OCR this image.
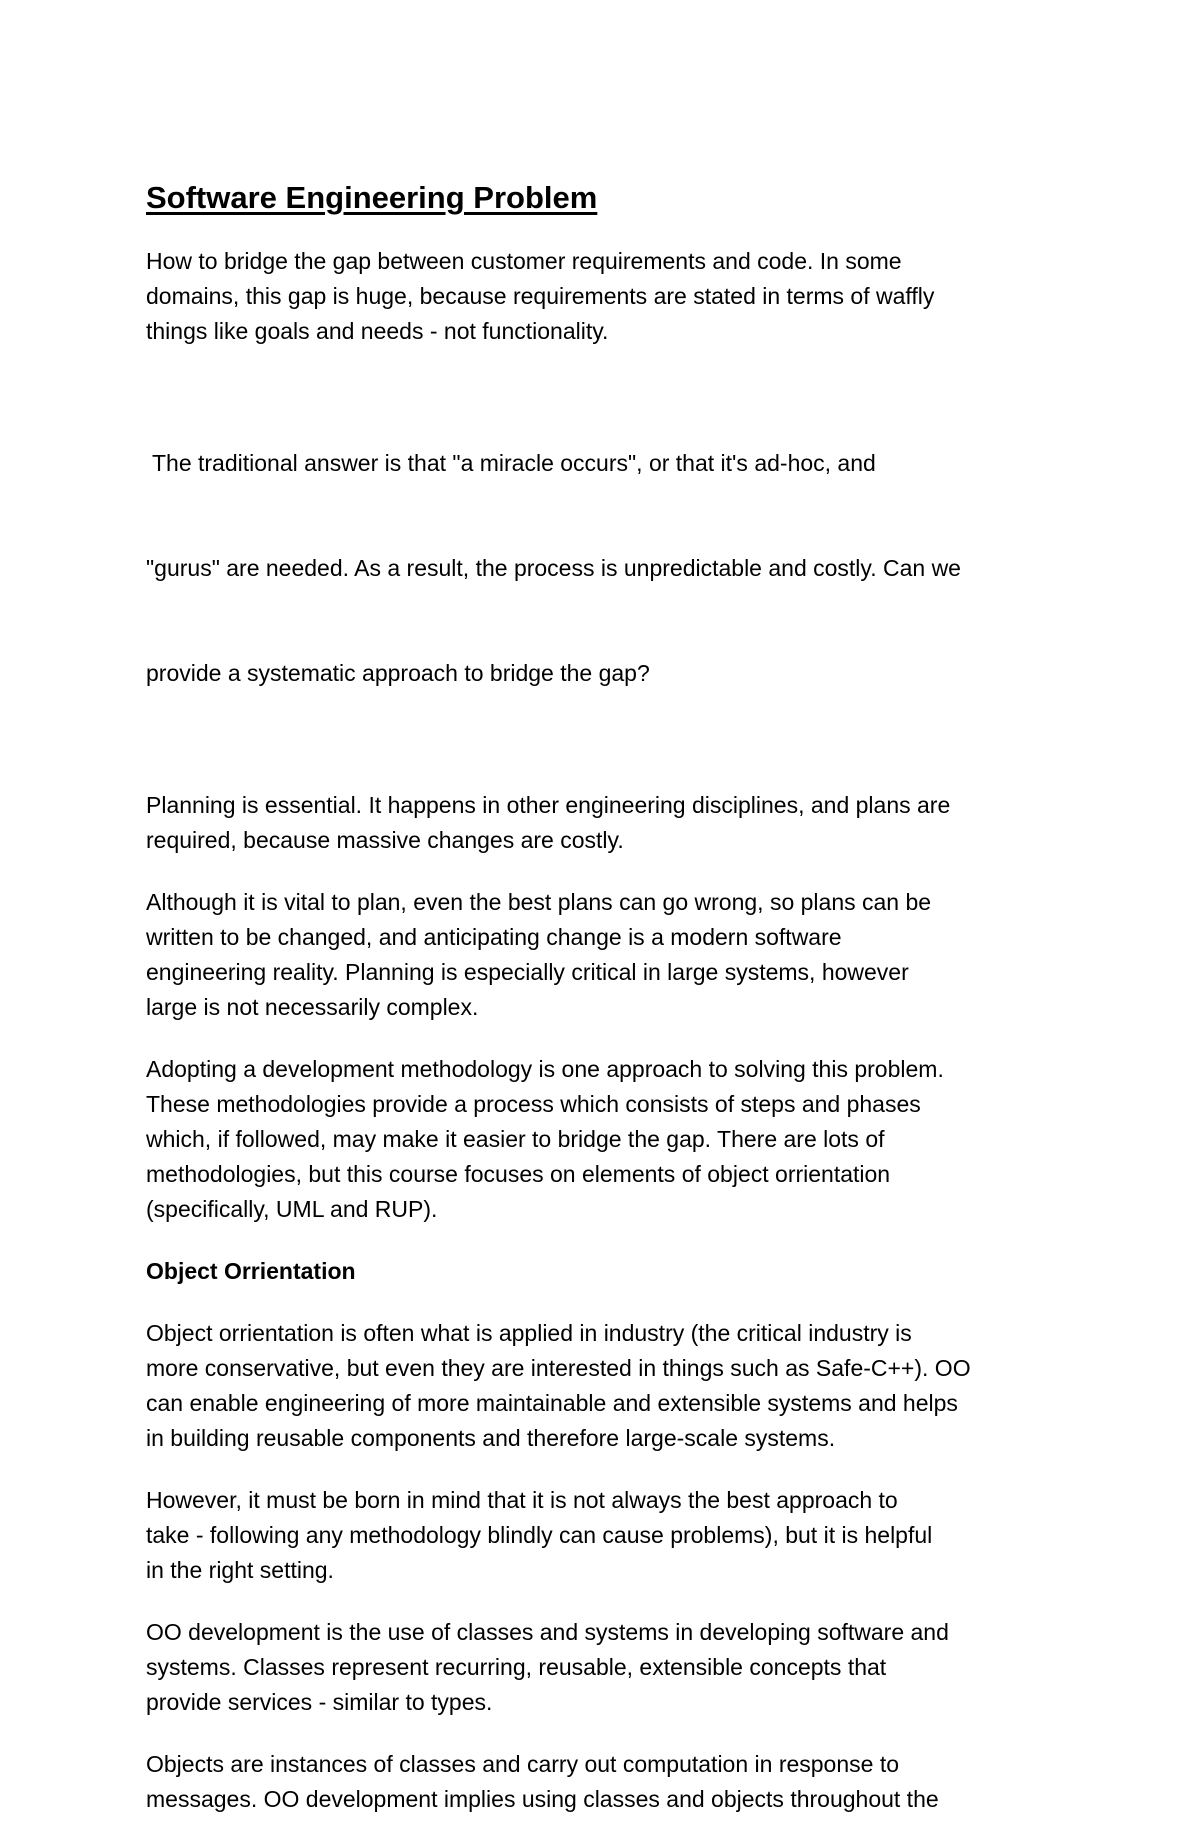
Software Engineering Problem
How to bridge the gap between customer requirements and code. In some
domains, this gap is huge, because requirements are stated in terms of waffly
things like goals and needs - not functionality.

The traditional answer is that "a miracle occurs", or that it's ad-hoc, and

"gurus" are needed. As a result, the process is unpredictable and costly. Can we

provide a systematic approach to bridge the gap?

Planning is essential. It happens in other engineering disciplines, and plans are
required, because massive changes are costly.
Although it is vital to plan, even the best plans can go wrong, so plans can be
written to be changed, and anticipating change is a modern software
engineering reality. Planning is especially critical in large systems, however
large is not necessarily complex.
Adopting a development methodology is one approach to solving this problem.
These methodologies provide a process which consists of steps and phases
which, if followed, may make it easier to bridge the gap. There are lots of
methodologies, but this course focuses on elements of object orrientation
(specifically, UML and RUP).
Object Orrientation
Object orrientation is often what is applied in industry (the critical industry is
more conservative, but even they are interested in things such as Safe-C++). OO
can enable engineering of more maintainable and extensible systems and helps
in building reusable components and therefore large-scale systems.
However, it must be born in mind that it is not always the best approach to
take - following any methodology blindly can cause problems), but it is helpful
in the right setting.
OO development is the use of classes and systems in developing software and
systems. Classes represent recurring, reusable, extensible concepts that
provide services - similar to types.
Objects are instances of classes and carry out computation in response to
messages. OO development implies using classes and objects throughout the
